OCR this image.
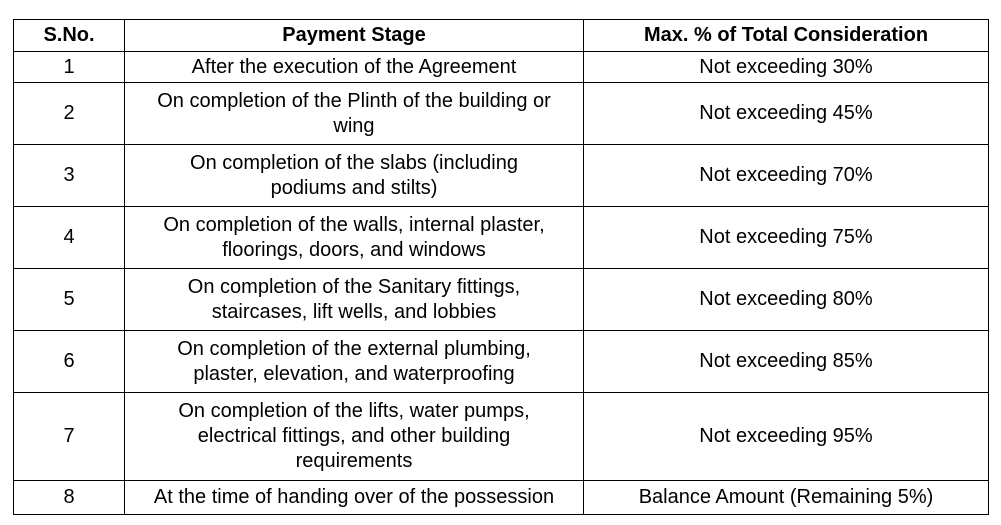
S.No.	Payment Stage	Max. % of Total Consideration
1	After the execution of the Agreement	Not exceeding 30%
2	On completion of the Plinth of the building or wing	Not exceeding 45%
3	On completion of the slabs (including podiums and stilts)	Not exceeding 70%
4	On completion of the walls, internal plaster, floorings, doors, and windows	Not exceeding 75%
5	On completion of the Sanitary fittings, staircases, lift wells, and lobbies	Not exceeding 80%
6	On completion of the external plumbing, plaster, elevation, and waterproofing	Not exceeding 85%
7	On completion of the lifts, water pumps, electrical fittings, and other building requirements	Not exceeding 95%
8	At the time of handing over of the possession	Balance Amount (Remaining 5%)
